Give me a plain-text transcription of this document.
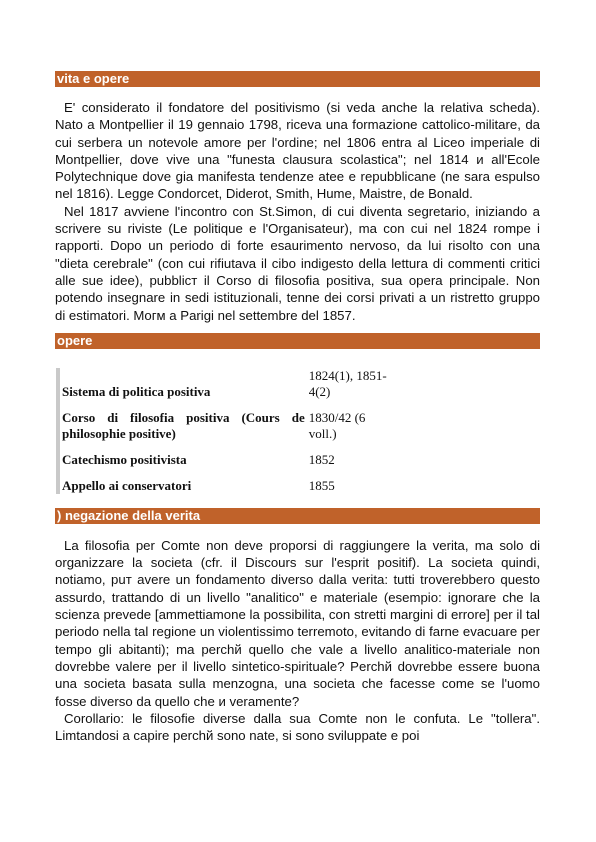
vita e opere

E' considerato il fondatore del positivismo (si veda anche la relativa scheda). Nato a Montpellier il 19 gennaio 1798, riceva una formazione cattolico-militare, da cui serbera un notevole amore per l'ordine; nel 1806 entra al Liceo imperiale di Montpellier, dove vive una "funesta clausura scolastica"; nel 1814 и all'Ecole Polytechnique dove gia manifesta tendenze atee e repubblicane (ne sara espulso nel 1816). Legge Condorcet, Diderot, Smith, Hume, Maistre, de Bonald.

Nel 1817 avviene l'incontro con St.Simon, di cui diventa segretario, iniziando a scrivere su riviste (Le politique e l'Organisateur), ma con cui nel 1824 rompe i rapporti. Dopo un periodo di forte esaurimento nervoso, da lui risolto con una "dieta cerebrale" (con cui rifiutava il cibo indigesto della lettura di commenti critici alle sue idee), pubblicт il Corso di filosofia positiva, sua opera principale. Non potendo insegnare in sedi istituzionali, tenne dei corsi privati a un ristretto gruppo di estimatori. Moгм a Parigi nel settembre del 1857.

opere
Sistema di politica positiva	1824(1), 1851-4(2)
Corso di filosofia positiva (Cours de philosophie positive)	1830/42 (6 voll.)
Catechismo positivista	1852
Appello ai conservatori	1855
) negazione della verita

La filosofia per Comte non deve proporsi di raggiungere la verita, ma solo di organizzare la societa (cfr. il Discours sur l'esprit positif). La societa quindi, notiamo, puт avere un fondamento diverso dalla verita: tutti troverebbero questo assurdo, trattando di un livello "analitico" e materiale (esempio: ignorare che la scienza prevede [ammettiamone la possibilita, con stretti margini di errore] per il tal periodo nella tal regione un violentissimo terremoto, evitando di farne evacuare per tempo gli abitanti); ma perchй quello che vale a livello analitico-materiale non dovrebbe valere per il livello sintetico-spirituale? Perchй dovrebbe essere buona una societa basata sulla menzogna, una societa che facesse come se l'uomo fosse diverso da quello che и veramente?

Corollario: le filosofie diverse dalla sua Comte non le confuta. Le "tollera". Limtandosi a capire perchй sono nate, si sono sviluppate e poi
